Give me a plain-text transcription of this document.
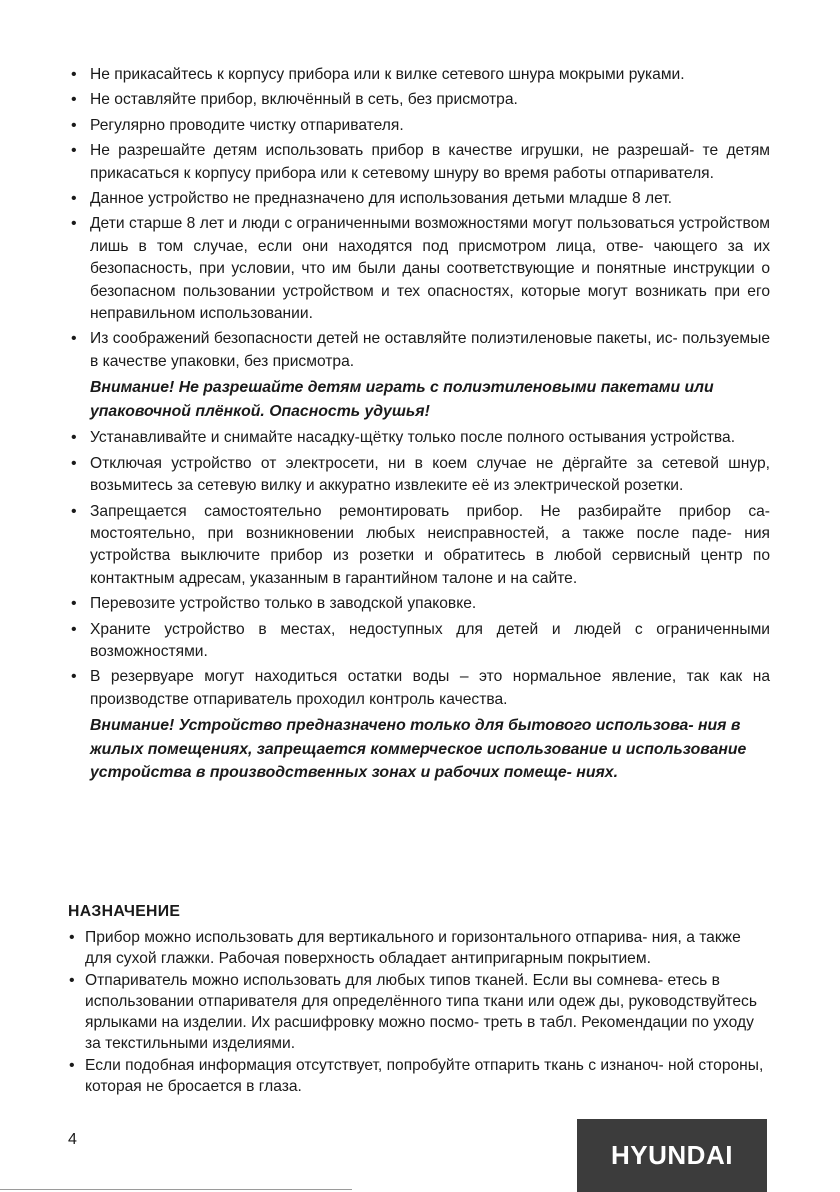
• Не прикасайтесь к корпусу прибора или к вилке сетевого шнура мокрыми руками.
• Не оставляйте прибор, включённый в сеть, без присмотра.
• Регулярно проводите чистку отпаривателя.
• Не разрешайте детям использовать прибор в качестве игрушки, не разрешай- те детям прикасаться к корпусу прибора или к сетевому шнуру во время работы отпаривателя.
• Данное устройство не предназначено для использования детьми младше 8 лет.
• Дети старше 8 лет и люди с ограниченными возможностями могут пользоваться устройством лишь в том случае, если они находятся под присмотром лица, отве- чающего за их безопасность, при условии, что им были даны соответствующие и понятные инструкции о безопасном пользовании устройством и тех опасностях, которые могут возникать при его неправильном использовании.
• Из соображений безопасности детей не оставляйте полиэтиленовые пакеты, ис- пользуемые в качестве упаковки, без присмотра.

Внимание! Не разрешайте детям играть с полиэтиленовыми пакетами или упаковочной плёнкой. Опасность удушья!

• Устанавливайте и снимайте насадку-щётку только после полного остывания устройства.
• Отключая устройство от электросети, ни в коем случае не дёргайте за сетевой шнур, возьмитесь за сетевую вилку и аккуратно извлеките её из электрической розетки.
• Запрещается самостоятельно ремонтировать прибор. Не разбирайте прибор са- мостоятельно, при возникновении любых неисправностей, а также после паде- ния устройства выключите прибор из розетки и обратитесь в любой сервисный центр по контактным адресам, указанным в гарантийном талоне и на сайте.
• Перевозите устройство только в заводской упаковке.
• Храните устройство в местах, недоступных для детей и людей с ограниченными возможностями.
• В резервуаре могут находиться остатки воды – это нормальное явление, так как на производстве отпариватель проходил контроль качества.

Внимание! Устройство предназначено только для бытового использова- ния в жилых помещениях, запрещается коммерческое использование и использование устройства в производственных зонах и рабочих помеще- ниях.

НАЗНАЧЕНИЕ
• Прибор можно использовать для вертикального и горизонтального отпарива- ния, а также для сухой глажки. Рабочая поверхность обладает антипригарным покрытием.
• Отпариватель можно использовать для любых типов тканей. Если вы сомнева- етесь в использовании отпаривателя для определённого типа ткани или одеж ды, руководствуйтесь ярлыками на изделии. Их расшифровку можно посмо- треть в табл. Рекомендации по уходу за текстильными изделиями.
• Если подобная информация отсутствует, попробуйте отпарить ткань с изнаноч- ной стороны, которая не бросается в глаза.
4
HYUNDAI
